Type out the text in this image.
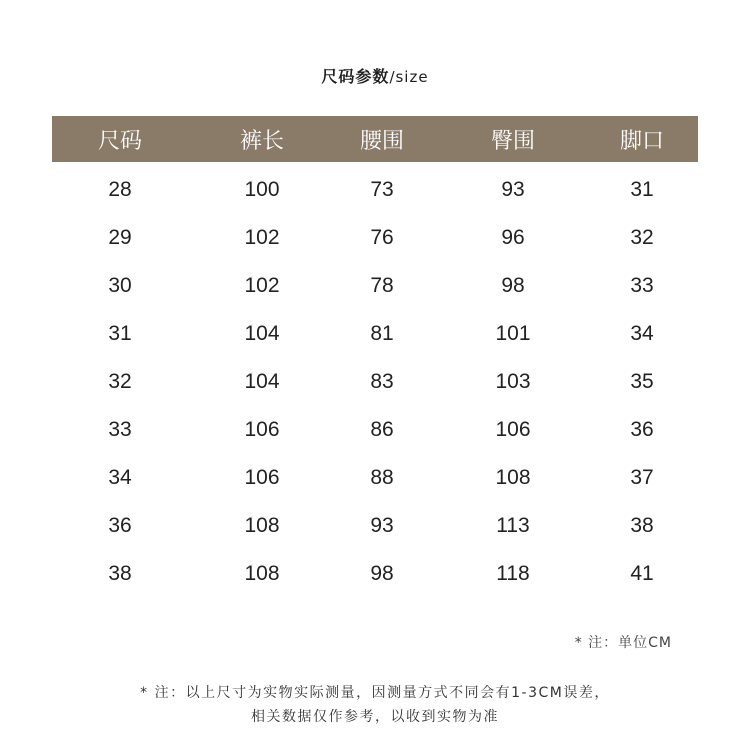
尺码参数/size
尺码	裤长	腰围	臀围	脚口
28	100	73	93	31
29	102	76	96	32
30	102	78	98	33
31	104	81	101	34
32	104	83	103	35
33	106	86	106	36
34	106	88	108	37
36	108	93	113	38
38	108	98	118	41
* 注：单位CM
* 注：以上尺寸为实物实际测量，因测量方式不同会有1-3CM误差，
相关数据仅作参考，以收到实物为准
